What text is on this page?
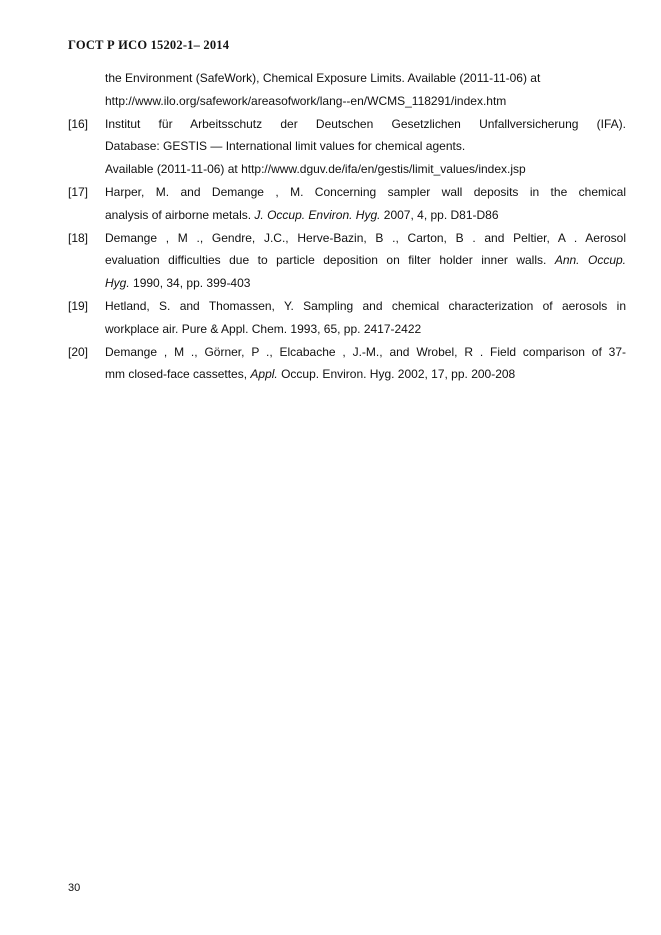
ГОСТ Р ИСО 15202-1– 2014
the Environment (SafeWork), Chemical Exposure Limits. Available (2011-11-06) at
http://www.ilo.org/safework/areasofwork/lang--en/WCMS_118291/index.htm
[16]	Institut für Arbeitsschutz der Deutschen Gesetzlichen Unfallversicherung (IFA).
Database: GESTIS — International limit values for chemical agents.
Available (2011-11-06) at http://www.dguv.de/ifa/en/gestis/limit_values/index.jsp
[17]	Harper, M. and Demange , M. Concerning sampler wall deposits in the chemical
analysis of airborne metals. J. Occup. Environ. Hyg. 2007, 4, pp. D81-D86
[18]	Demange , M ., Gendre, J.C., Herve-Bazin, B ., Carton, B . and Peltier, A . Aerosol
evaluation difficulties due to particle deposition on filter holder inner walls. Ann. Occup.
Hyg. 1990, 34, pp. 399-403
[19]	Hetland, S. and Thomassen, Y. Sampling and chemical characterization of aerosols in
workplace air. Pure & Appl. Chem. 1993, 65, pp. 2417-2422
[20]	Demange , M ., Görner, P ., Elcabache , J.-M., and Wrobel, R . Field comparison of 37-
mm closed-face cassettes, Appl. Occup. Environ. Hyg. 2002, 17, pp. 200-208
30
